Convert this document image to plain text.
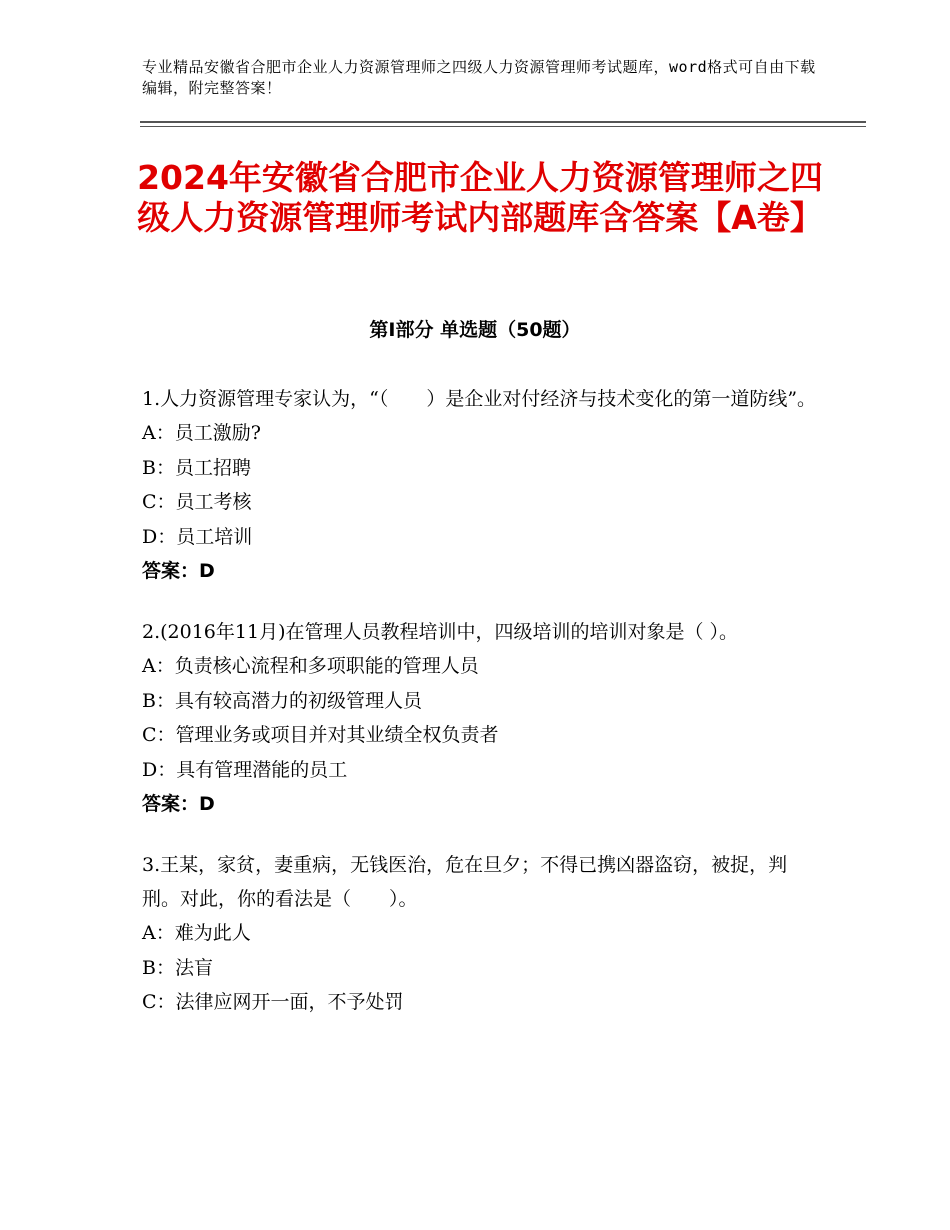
专业精品安徽省合肥市企业人力资源管理师之四级人力资源管理师考试题库，word格式可自由下载编辑，附完整答案！
2024年安徽省合肥市企业人力资源管理师之四级人力资源管理师考试内部题库含答案【A卷】
第Ⅰ部分 单选题（50题）
1.人力资源管理专家认为，“（　　）是企业对付经济与技术变化的第一道防线”。
A：员工激励?
B：员工招聘
C：员工考核
D：员工培训
答案：D
2.(2016年11月)在管理人员教程培训中，四级培训的培训对象是（ ）。
A：负责核心流程和多项职能的管理人员
B：具有较高潜力的初级管理人员
C：管理业务或项目并对其业绩全权负责者
D：具有管理潜能的员工
答案：D
3.王某，家贫，妻重病，无钱医治，危在旦夕；不得已携凶器盗窃，被捉，判刑。对此，你的看法是（　　）。
A：难为此人
B：法盲
C：法律应网开一面，不予处罚
